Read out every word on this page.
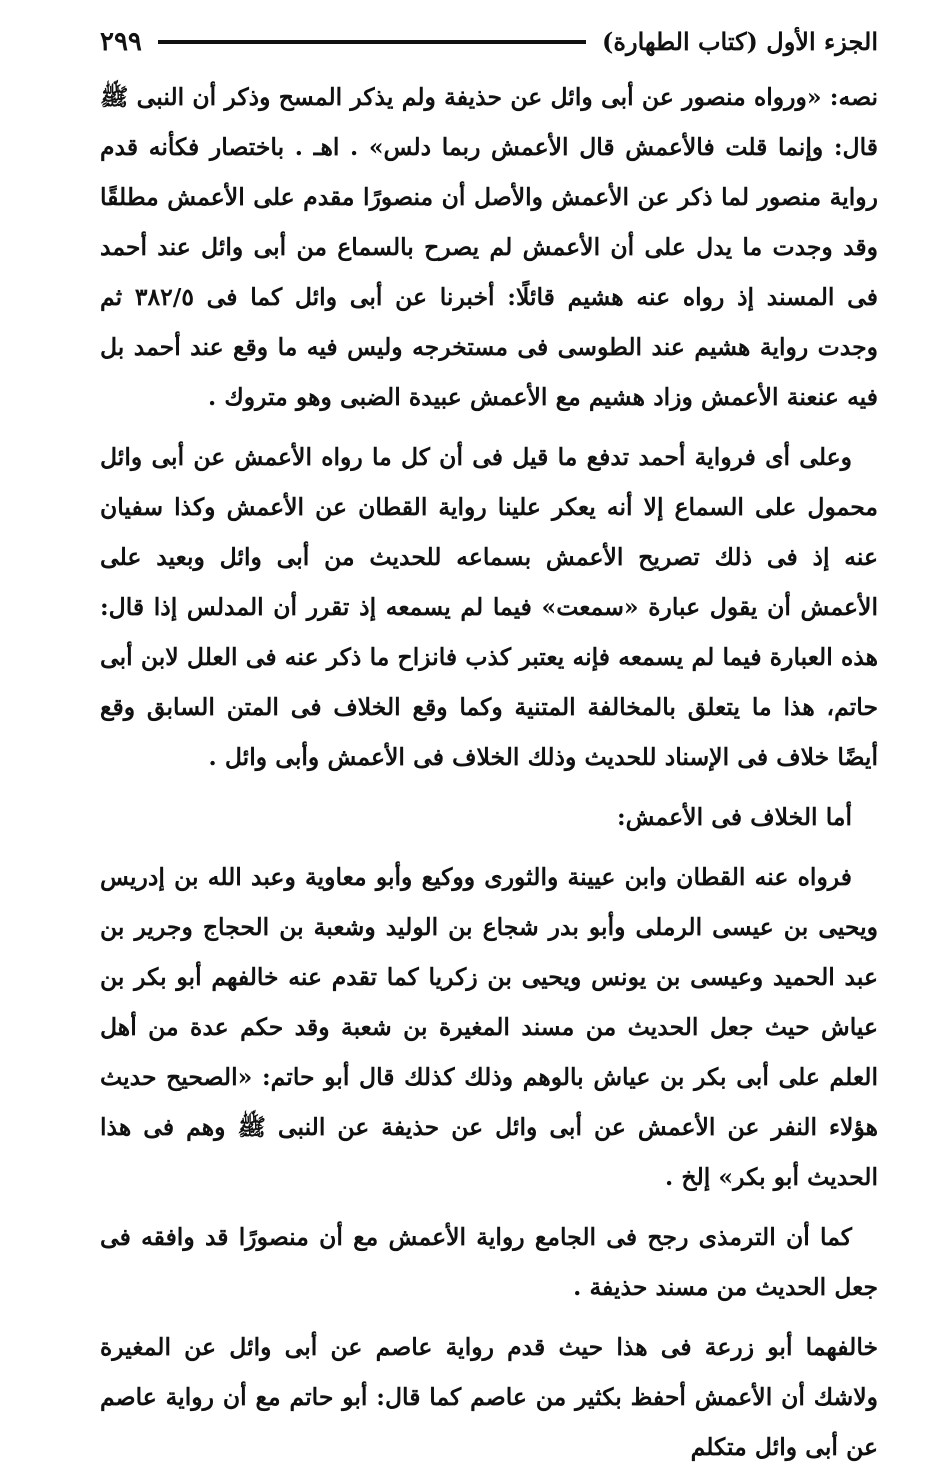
الجزء الأول (كتاب الطهارة)
٢٩٩

نصه: «ورواه منصور عن أبى وائل عن حذيفة ولم يذكر المسح وذكر أن النبى ﷺ قال: وإنما قلت فالأعمش قال الأعمش ربما دلس» . اهـ . باختصار فكأنه قدم رواية منصور لما ذكر عن الأعمش والأصل أن منصورًا مقدم على الأعمش مطلقًا وقد وجدت ما يدل على أن الأعمش لم يصرح بالسماع من أبى وائل عند أحمد فى المسند إذ رواه عنه هشيم قائلًا: أخبرنا عن أبى وائل كما فى ٣٨٢/٥ ثم وجدت رواية هشيم عند الطوسى فى مستخرجه وليس فيه ما وقع عند أحمد بل فيه عنعنة الأعمش وزاد هشيم مع الأعمش عبيدة الضبى وهو متروك .

وعلى أى فرواية أحمد تدفع ما قيل فى أن كل ما رواه الأعمش عن أبى وائل محمول على السماع إلا أنه يعكر علينا رواية القطان عن الأعمش وكذا سفيان عنه إذ فى ذلك تصريح الأعمش بسماعه للحديث من أبى وائل وبعيد على الأعمش أن يقول عبارة «سمعت» فيما لم يسمعه إذ تقرر أن المدلس إذا قال: هذه العبارة فيما لم يسمعه فإنه يعتبر كذب فانزاح ما ذكر عنه فى العلل لابن أبى حاتم، هذا ما يتعلق بالمخالفة المتنية وكما وقع الخلاف فى المتن السابق وقع أيضًا خلاف فى الإسناد للحديث وذلك الخلاف فى الأعمش وأبى وائل .

أما الخلاف فى الأعمش:

فرواه عنه القطان وابن عيينة والثورى ووكيع وأبو معاوية وعبد الله بن إدريس ويحيى بن عيسى الرملى وأبو بدر شجاع بن الوليد وشعبة بن الحجاج وجرير بن عبد الحميد وعيسى بن يونس ويحيى بن زكريا كما تقدم عنه خالفهم أبو بكر بن عياش حيث جعل الحديث من مسند المغيرة بن شعبة وقد حكم عدة من أهل العلم على أبى بكر بن عياش بالوهم وذلك كذلك قال أبو حاتم: «الصحيح حديث هؤلاء النفر عن الأعمش عن أبى وائل عن حذيفة عن النبى ﷺ وهم فى هذا الحديث أبو بكر» إلخ .

كما أن الترمذى رجح فى الجامع رواية الأعمش مع أن منصورًا قد وافقه فى جعل الحديث من مسند حذيفة .

خالفهما أبو زرعة فى هذا حيث قدم رواية عاصم عن أبى وائل عن المغيرة ولاشك أن الأعمش أحفظ بكثير من عاصم كما قال: أبو حاتم مع أن رواية عاصم عن أبى وائل متكلم
